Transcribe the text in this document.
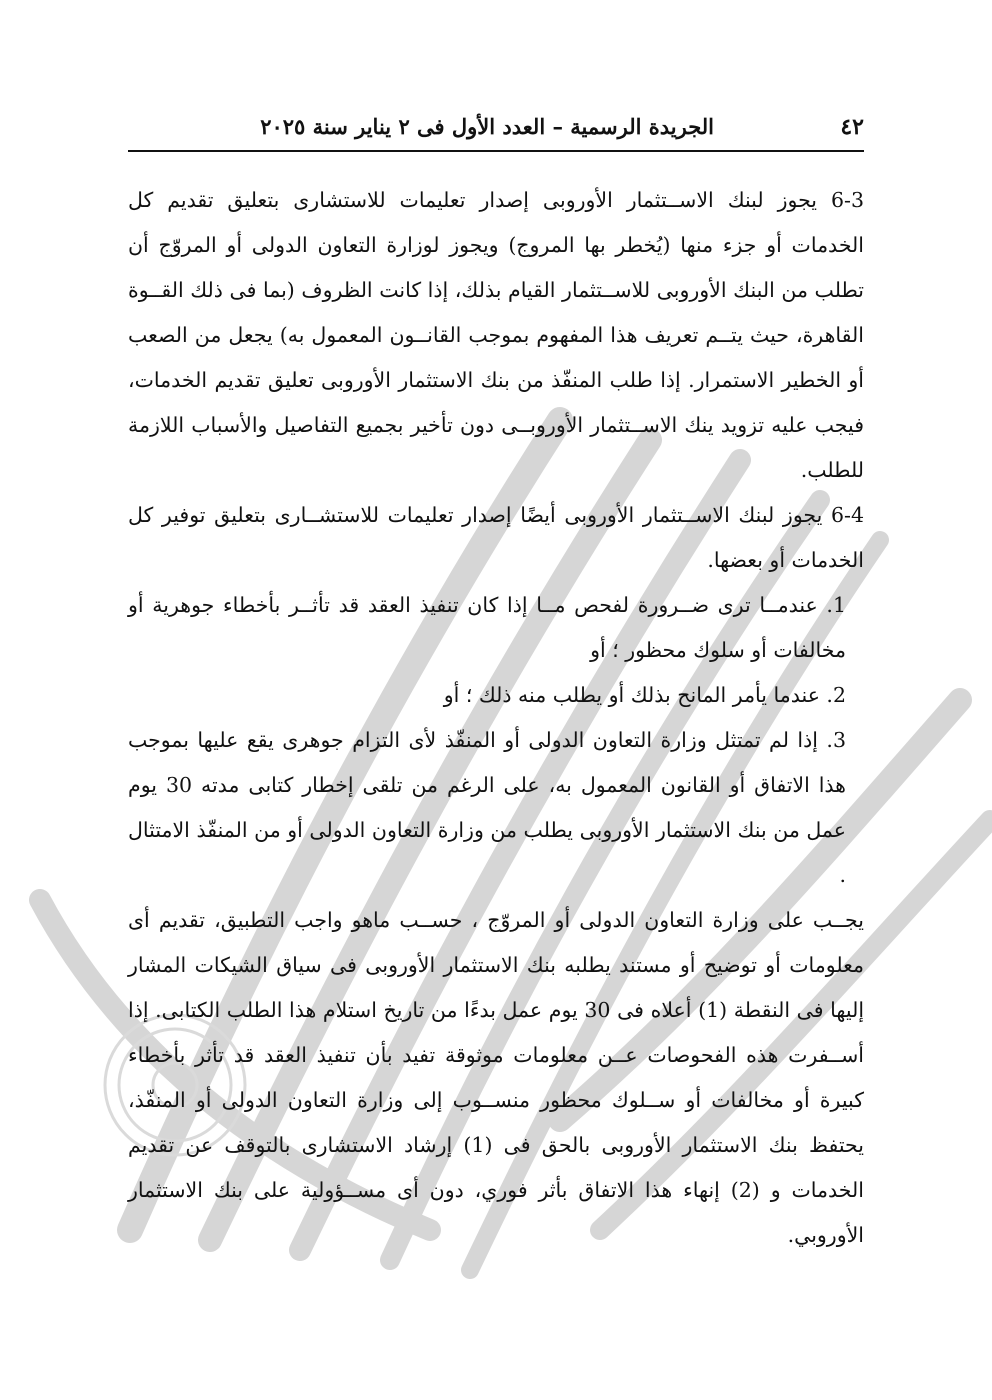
٤٢
الجريدة الرسمية – العدد الأول فى ٢ يناير سنة ٢٠٢٥

6-3 يجوز لبنك الاســتثمار الأوروبى إصدار تعليمات للاستشارى بتعليق تقديم كل الخدمات أو جزء منها (يُخطر بها المروج) ويجوز لوزارة التعاون الدولى أو المروّج أن تطلب من البنك الأوروبى للاســتثمار القيام بذلك، إذا كانت الظروف (بما فى ذلك القــوة القاهرة، حيث يتــم تعريف هذا المفهوم بموجب القانــون المعمول به) يجعل من الصعب أو الخطير الاستمرار. إذا طلب المنفّذ من بنك الاستثمار الأوروبى تعليق تقديم الخدمات، فيجب عليه تزويد ينك الاســتثمار الأوروبــى دون تأخير بجميع التفاصيل والأسباب اللازمة للطلب.

6-4 يجوز لبنك الاســتثمار الأوروبى أيضًا إصدار تعليمات للاستشــارى بتعليق توفير كل الخدمات أو بعضها.

1. عندمــا ترى ضــرورة لفحص مــا إذا كان تنفيذ العقد قد تأثــر بأخطاء جوهرية أو مخالفات أو سلوك محظور ؛ أو

2. عندما يأمر المانح بذلك أو يطلب منه ذلك ؛ أو

3. إذا لم تمتثل وزارة التعاون الدولى أو المنفّذ لأى التزام جوهرى يقع عليها بموجب هذا الاتفاق أو القانون المعمول به، على الرغم من تلقى إخطار كتابى مدته 30 يوم عمل من بنك الاستثمار الأوروبى يطلب من وزارة التعاون الدولى أو من المنفّذ الامتثال .

يجــب على وزارة التعاون الدولى أو المروّج ، حســب ماهو واجب التطبيق، تقديم أى معلومات أو توضيح أو مستند يطلبه بنك الاستثمار الأوروبى فى سياق الشيكات المشار إليها فى النقطة (1) أعلاه فى 30 يوم عمل بدءًا من تاريخ استلام هذا الطلب الكتابى. إذا أســفرت هذه الفحوصات عــن معلومات موثوقة تفيد بأن تنفيذ العقد قد تأثر بأخطاء كبيرة أو مخالفات أو ســلوك محظور منســوب إلى وزارة التعاون الدولى أو المنفّذ، يحتفظ بنك الاستثمار الأوروبى بالحق فى (1) إرشاد الاستشارى بالتوقف عن تقديم الخدمات و (2) إنهاء هذا الاتفاق بأثر فوري، دون أى مســؤولية على بنك الاستثمار الأوروبي.
